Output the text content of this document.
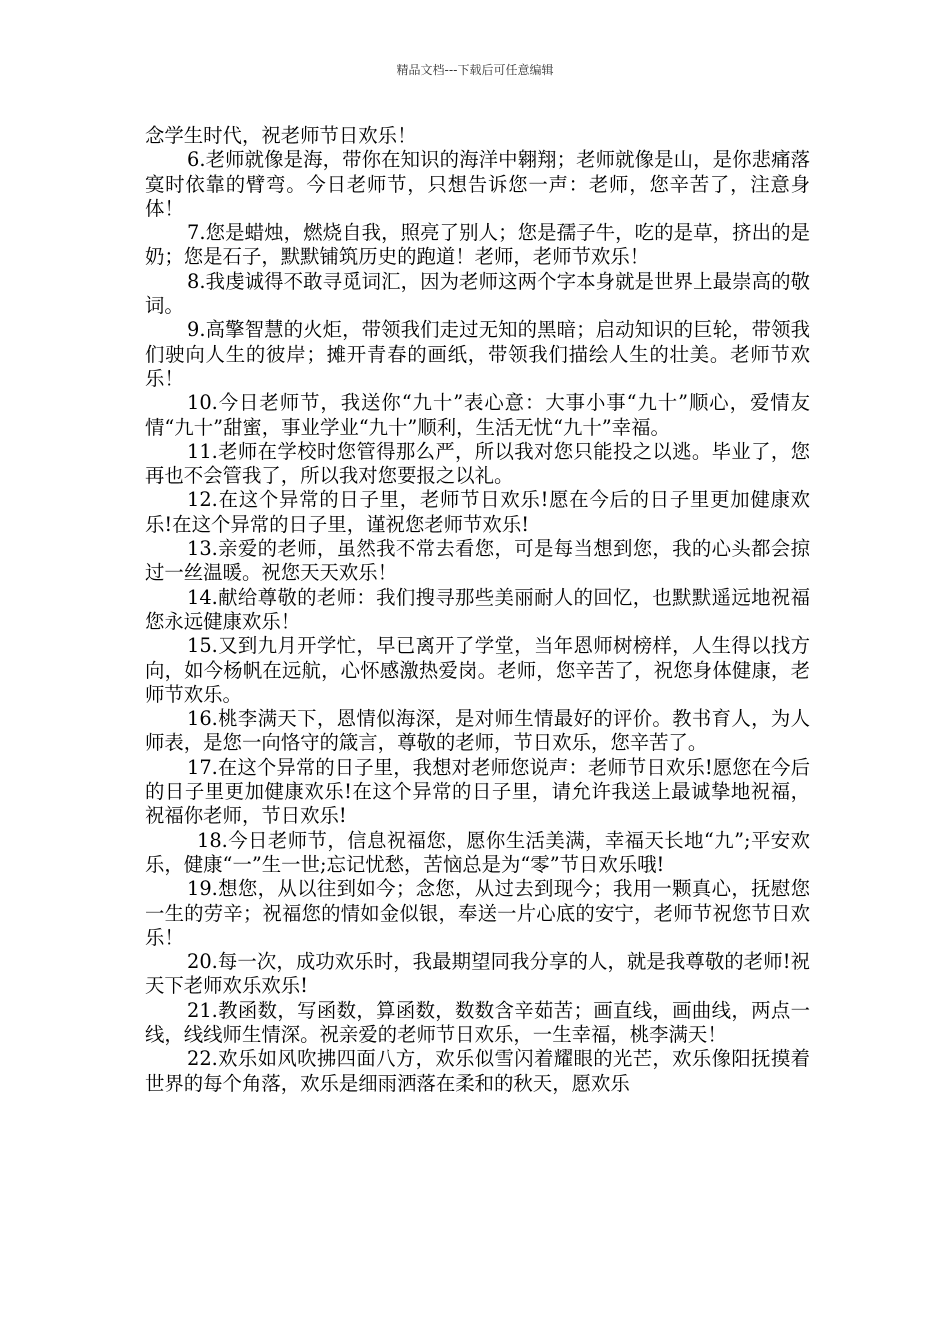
精品文档---下载后可任意编辑

念学生时代，祝老师节日欢乐！

6.老师就像是海，带你在知识的海洋中翱翔；老师就像是山，是你悲痛落寞时依靠的臂弯。今日老师节，只想告诉您一声：老师，您辛苦了，注意身体！

7.您是蜡烛，燃烧自我，照亮了别人；您是孺子牛，吃的是草，挤出的是奶；您是石子，默默铺筑历史的跑道！老师，老师节欢乐！

8.我虔诚得不敢寻觅词汇，因为老师这两个字本身就是世界上最崇高的敬词。

9.高擎智慧的火炬，带领我们走过无知的黑暗；启动知识的巨轮，带领我们驶向人生的彼岸；摊开青春的画纸，带领我们描绘人生的壮美。老师节欢乐！

10.今日老师节，我送你“九十”表心意：大事小事“九十”顺心，爱情友情“九十”甜蜜，事业学业“九十”顺利，生活无忧“九十”幸福。

11.老师在学校时您管得那么严，所以我对您只能投之以逃。毕业了，您再也不会管我了，所以我对您要报之以礼。

12.在这个异常的日子里，老师节日欢乐!愿在今后的日子里更加健康欢乐!在这个异常的日子里，谨祝您老师节欢乐!

13.亲爱的老师，虽然我不常去看您，可是每当想到您，我的心头都会掠过一丝温暖。祝您天天欢乐！

14.献给尊敬的老师：我们搜寻那些美丽耐人的回忆，也默默遥远地祝福您永远健康欢乐！

15.又到九月开学忙，早已离开了学堂，当年恩师树榜样，人生得以找方向，如今杨帆在远航，心怀感激热爱岗。老师，您辛苦了，祝您身体健康，老师节欢乐。

16.桃李满天下，恩情似海深，是对师生情最好的评价。教书育人，为人师表，是您一向恪守的箴言，尊敬的老师，节日欢乐，您辛苦了。

17.在这个异常的日子里，我想对老师您说声：老师节日欢乐!愿您在今后的日子里更加健康欢乐!在这个异常的日子里，请允许我送上最诚挚地祝福，祝福你老师，节日欢乐!

18.今日老师节，信息祝福您，愿你生活美满，幸福天长地“九”;平安欢乐，健康“一”生一世;忘记忧愁，苦恼总是为“零”节日欢乐哦!

19.想您，从以往到如今；念您，从过去到现今；我用一颗真心，抚慰您一生的劳辛；祝福您的情如金似银，奉送一片心底的安宁，老师节祝您节日欢乐！

20.每一次，成功欢乐时，我最期望同我分享的人，就是我尊敬的老师!祝天下老师欢乐欢乐!

21.教函数，写函数，算函数，数数含辛茹苦；画直线，画曲线，两点一线，线线师生情深。祝亲爱的老师节日欢乐，一生幸福，桃李满天！

22.欢乐如风吹拂四面八方，欢乐似雪闪着耀眼的光芒，欢乐像阳抚摸着世界的每个角落，欢乐是细雨洒落在柔和的秋天，愿欢乐
